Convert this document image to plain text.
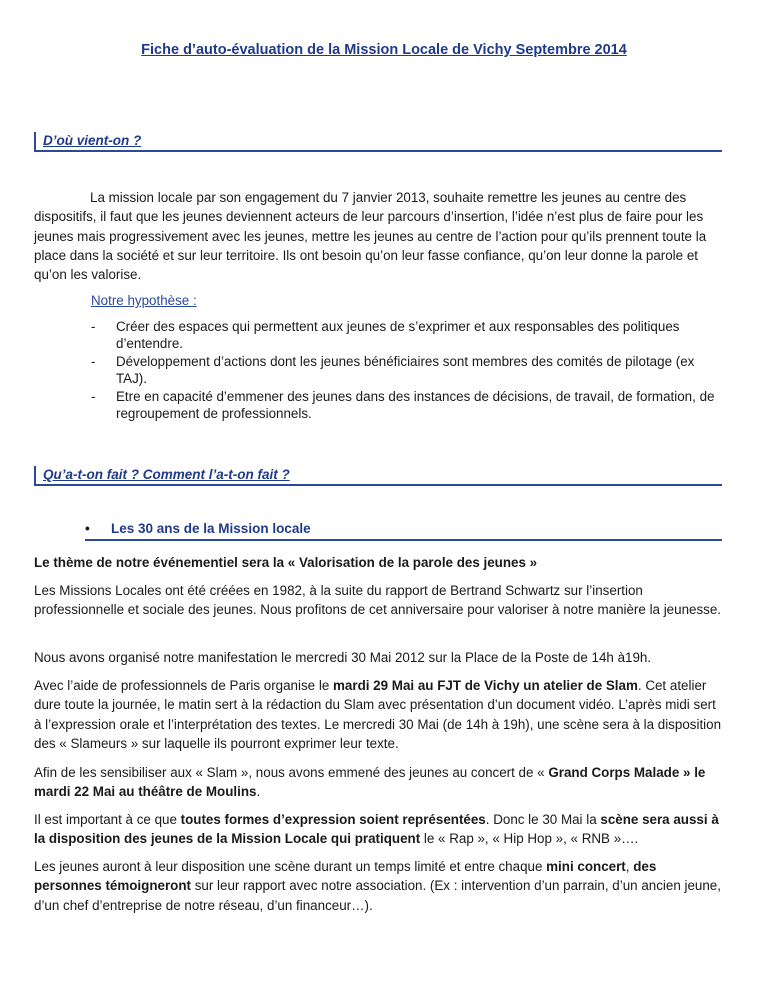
Fiche d’auto-évaluation de la Mission Locale de Vichy Septembre 2014
D’où vient-on ?
La mission locale par son engagement du 7 janvier 2013, souhaite remettre les jeunes au centre des dispositifs, il faut que les jeunes deviennent acteurs de leur parcours d’insertion, l’idée n’est plus de faire pour les jeunes mais progressivement avec les jeunes, mettre les jeunes au centre de l’action pour qu’ils prennent toute la place dans la société et sur leur territoire. Ils ont besoin qu’on leur fasse confiance, qu’on leur donne la parole et qu’on les valorise.
Notre hypothèse :
- Créer des espaces qui permettent aux jeunes de s’exprimer et aux responsables des politiques d’entendre.
- Développement d’actions dont les jeunes bénéficiaires sont membres des comités de pilotage (ex TAJ).
- Etre en capacité d’emmener des jeunes dans des instances de décisions, de travail, de formation, de regroupement de professionnels.
Qu’a-t-on fait ? Comment l’a-t-on fait ?
• Les 30 ans de la Mission locale
Le thème de notre événementiel sera la « Valorisation de la parole des jeunes »
Les Missions Locales ont été créées en 1982, à la suite du rapport de Bertrand Schwartz sur l’insertion professionnelle et sociale des jeunes. Nous profitons de cet anniversaire pour valoriser à notre manière la jeunesse.
Nous avons organisé notre manifestation le mercredi 30 Mai 2012 sur la Place de la Poste de 14h à19h.
Avec l’aide de professionnels de Paris organise le mardi 29 Mai au FJT de Vichy un atelier de Slam. Cet atelier dure toute la journée, le matin sert à la rédaction du Slam avec présentation d’un document vidéo. L’après midi sert à l’expression orale et l’interprétation des textes. Le mercredi 30 Mai (de 14h à 19h), une scène sera à la disposition des « Slameurs » sur laquelle ils pourront exprimer leur texte.
Afin de les sensibiliser aux « Slam », nous avons emmené des jeunes au concert de « Grand Corps Malade » le mardi 22 Mai au théâtre de Moulins.
Il est important à ce que toutes formes d’expression soient représentées. Donc le 30 Mai la scène sera aussi à la disposition des jeunes de la Mission Locale qui pratiquent le « Rap », « Hip Hop », « RNB »….
Les jeunes auront à leur disposition une scène durant un temps limité et entre chaque mini concert, des personnes témoigneront sur leur rapport avec notre association. (Ex : intervention d’un parrain, d’un ancien jeune, d’un chef d’entreprise de notre réseau, d’un financeur…).
